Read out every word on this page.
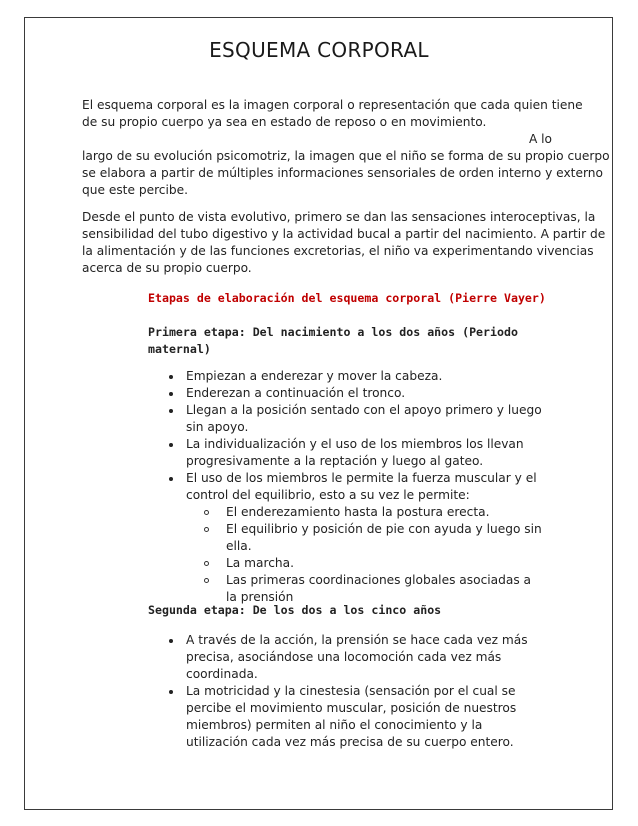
ESQUEMA CORPORAL
El esquema corporal es la imagen corporal o representación que cada quien tiene
de su propio cuerpo ya sea en estado de reposo o en movimiento.
A lo
largo de su evolución psicomotriz, la imagen que el niño se forma de su propio cuerpo
se elabora a partir de múltiples informaciones sensoriales de orden interno y externo
que este percibe.
Desde el punto de vista evolutivo, primero se dan las sensaciones interoceptivas, la
sensibilidad del tubo digestivo y la actividad bucal a partir del nacimiento. A partir de
la alimentación y de las funciones excretorias, el niño va experimentando vivencias
acerca de su propio cuerpo.
Etapas de elaboración del esquema corporal (Pierre Vayer)
Primera etapa: Del nacimiento a los dos años (Periodo
maternal)
Empiezan a enderezar y mover la cabeza.
Enderezan a continuación el tronco.
Llegan a la posición sentado con el apoyo primero y luego
sin apoyo.
La individualización y el uso de los miembros los llevan
progresivamente a la reptación y luego al gateo.
El uso de los miembros le permite la fuerza muscular y el
control del equilibrio, esto a su vez le permite:
El enderezamiento hasta la postura erecta.
El equilibrio y posición de pie con ayuda y luego sin
ella.
La marcha.
Las primeras coordinaciones globales asociadas a
la prensión
Segunda etapa: De los dos a los cinco años
A través de la acción, la prensión se hace cada vez más
precisa, asociándose una locomoción cada vez más
coordinada.
La motricidad y la cinestesia (sensación por el cual se
percibe el movimiento muscular, posición de nuestros
miembros) permiten al niño el conocimiento y la
utilización cada vez más precisa de su cuerpo entero.
